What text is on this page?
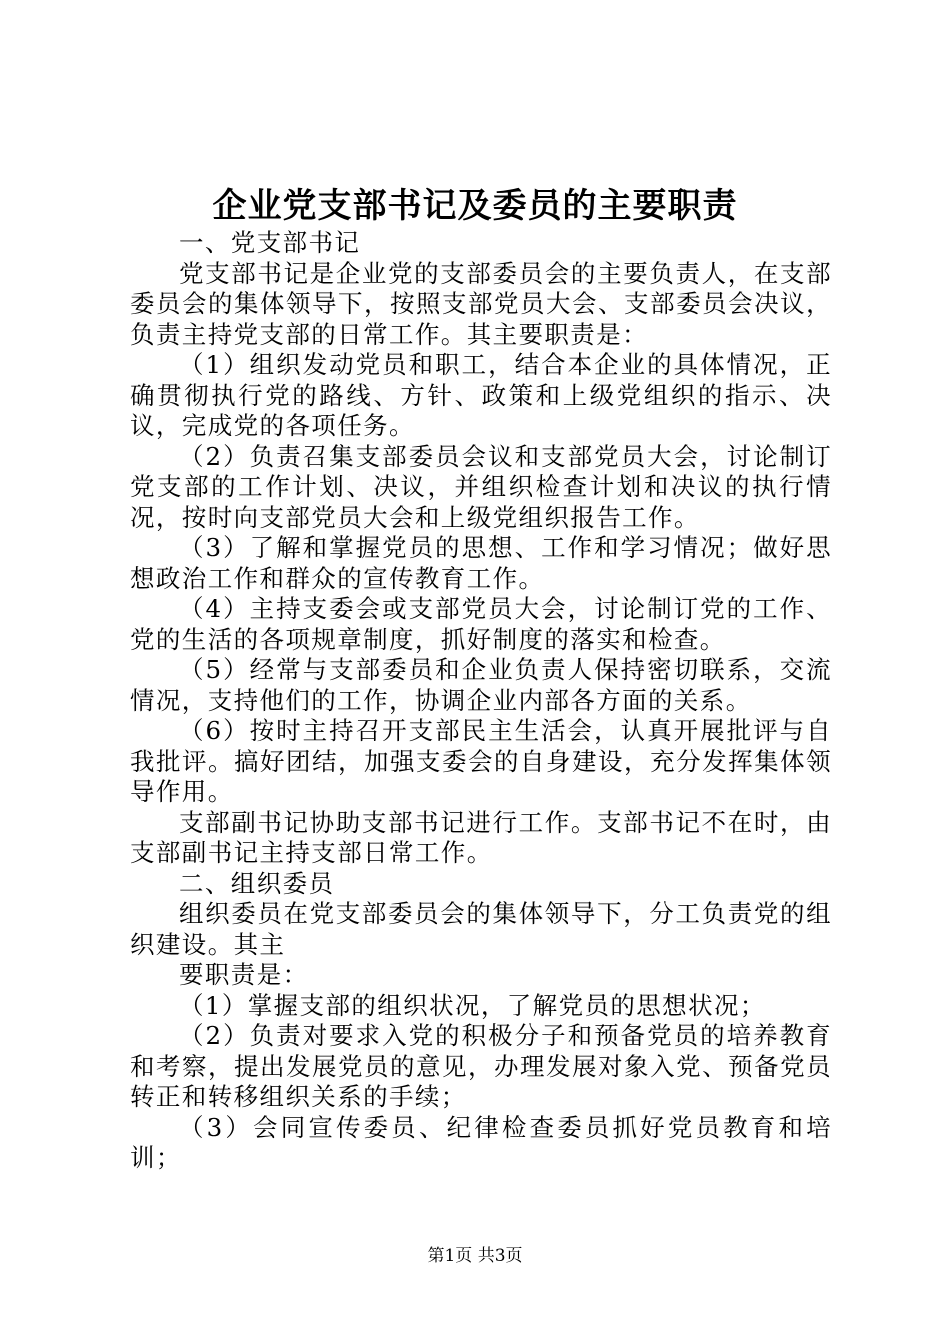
企业党支部书记及委员的主要职责

一、党支部书记

党支部书记是企业党的支部委员会的主要负责人，在支部委员会的集体领导下，按照支部党员大会、支部委员会决议，负责主持党支部的日常工作。其主要职责是：

（1）组织发动党员和职工，结合本企业的具体情况，正确贯彻执行党的路线、方针、政策和上级党组织的指示、决议，完成党的各项任务。

（2）负责召集支部委员会议和支部党员大会，讨论制订党支部的工作计划、决议，并组织检查计划和决议的执行情况，按时向支部党员大会和上级党组织报告工作。

（3）了解和掌握党员的思想、工作和学习情况；做好思想政治工作和群众的宣传教育工作。

（4）主持支委会或支部党员大会，讨论制订党的工作、党的生活的各项规章制度，抓好制度的落实和检查。

（5）经常与支部委员和企业负责人保持密切联系，交流情况，支持他们的工作，协调企业内部各方面的关系。

（6）按时主持召开支部民主生活会，认真开展批评与自我批评。搞好团结，加强支委会的自身建设，充分发挥集体领导作用。

支部副书记协助支部书记进行工作。支部书记不在时，由支部副书记主持支部日常工作。

二、组织委员

组织委员在党支部委员会的集体领导下，分工负责党的组织建设。其主

要职责是：

（1）掌握支部的组织状况，了解党员的思想状况；

（2）负责对要求入党的积极分子和预备党员的培养教育和考察，提出发展党员的意见，办理发展对象入党、预备党员转正和转移组织关系的手续；

（3）会同宣传委员、纪律检查委员抓好党员教育和培训；

第1页 共3页
